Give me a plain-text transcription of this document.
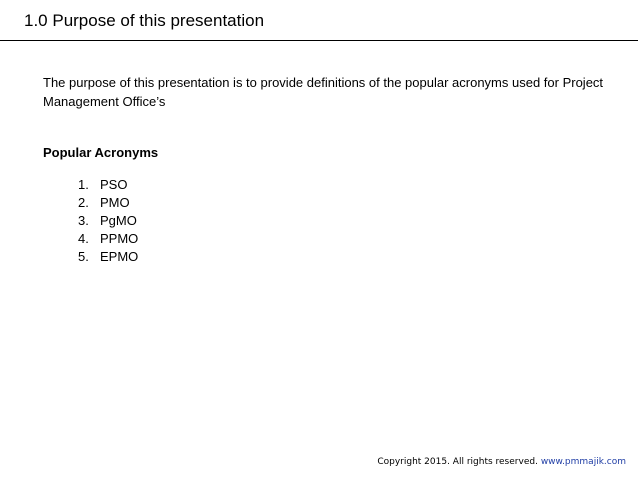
1.0 Purpose of this presentation
The purpose of this presentation is to provide definitions of the popular acronyms used for Project Management Office’s
Popular Acronyms
1. PSO
2. PMO
3. PgMO
4. PPMO
5. EPMO
Copyright 2015. All rights reserved. www.pmmajik.com
